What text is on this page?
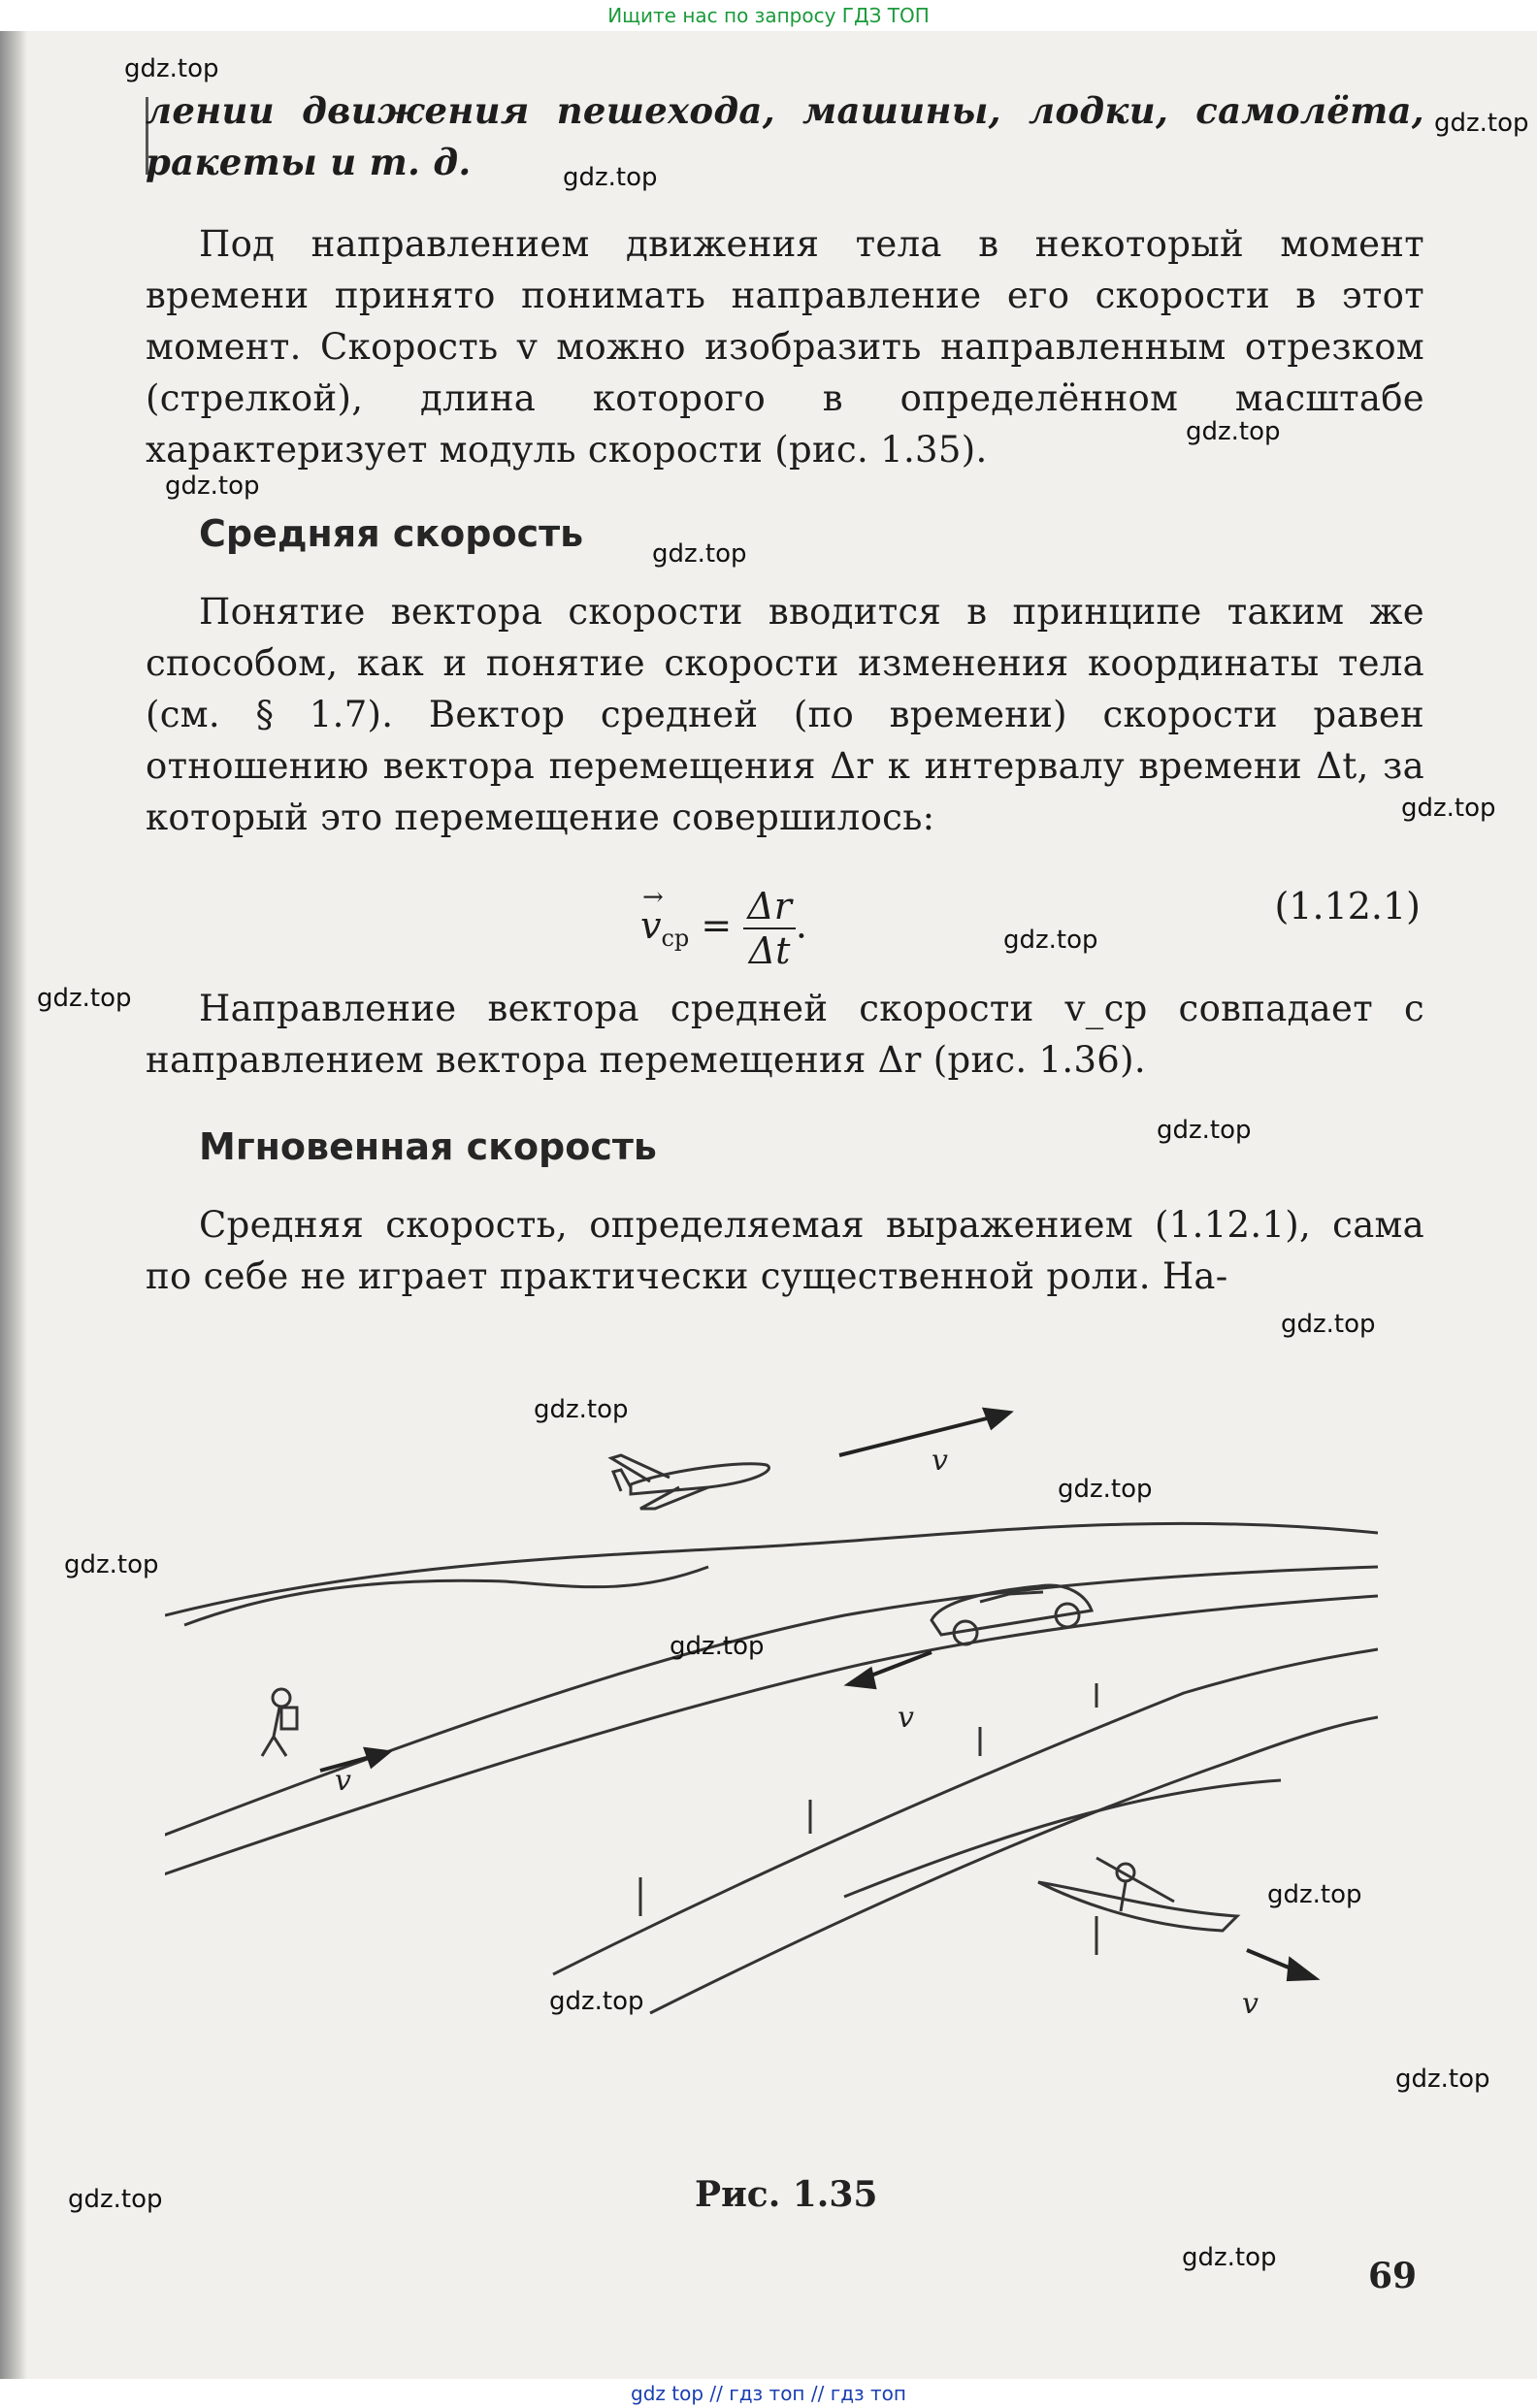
Ищите нас по запросу ГДЗ ТОП
лении движения пешехода, машины, лодки, самолёта, ракеты и т. д.
Под направлением движения тела в некоторый момент времени принято понимать направление его скорости в этот момент. Скорость v можно изобразить направленным отрезком (стрелкой), длина которого в определённом масштабе характеризует модуль скорости (рис. 1.35).
Средняя скорость
Понятие вектора скорости вводится в принципе таким же способом, как и понятие скорости изменения координаты тела (см. § 1.7). Вектор средней (по времени) скорости равен отношению вектора перемещения Δr к интервалу времени Δt, за который это перемещение совершилось:
→ $v_{ср} = \frac{\Delta r}{\Delta t}$ .	(1.12.1)
Направление вектора средней скорости v_ср совпадает с направлением вектора перемещения Δr (рис. 1.36).
Мгновенная скорость
Средняя скорость, определяемая выражением (1.12.1), сама по себе не играет практически существенной роли. На-
v
v
v
v
Рис. 1.35
69
gdz.top
gdz.top
gdz.top
gdz.top
gdz.top
gdz.top
gdz.top
gdz.top
gdz.top
gdz.top
gdz.top
gdz.top
gdz.top
gdz.top
gdz.top
gdz.top
gdz.top
gdz.top
gdz.top
gdz.top
gdz top // гдз топ // гдз топ
